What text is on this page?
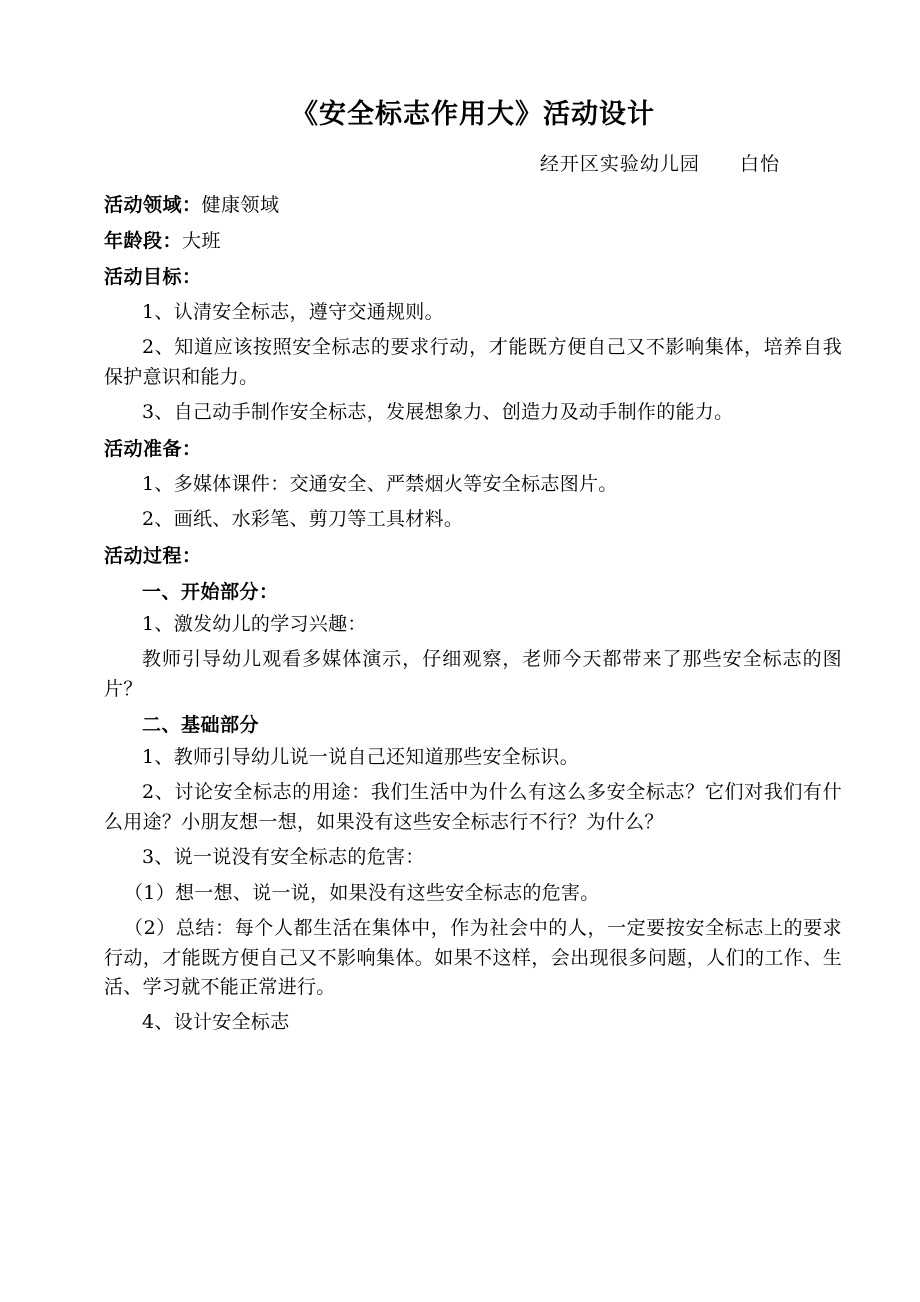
《安全标志作用大》活动设计
经开区实验幼儿园 白怡

活动领域：健康领域

年龄段：大班

活动目标：

1、认清安全标志，遵守交通规则。

2、知道应该按照安全标志的要求行动，才能既方便自己又不影响集体，培养自我保护意识和能力。

3、自己动手制作安全标志，发展想象力、创造力及动手制作的能力。

活动准备：

1、多媒体课件：交通安全、严禁烟火等安全标志图片。

2、画纸、水彩笔、剪刀等工具材料。

活动过程：

一、开始部分：

1、激发幼儿的学习兴趣：

教师引导幼儿观看多媒体演示，仔细观察，老师今天都带来了那些安全标志的图片？

二、基础部分

1、教师引导幼儿说一说自己还知道那些安全标识。

2、讨论安全标志的用途：我们生活中为什么有这么多安全标志？它们对我们有什么用途？小朋友想一想，如果没有这些安全标志行不行？为什么？

3、说一说没有安全标志的危害：

（1）想一想、说一说，如果没有这些安全标志的危害。

（2）总结：每个人都生活在集体中，作为社会中的人，一定要按安全标志上的要求行动，才能既方便自己又不影响集体。如果不这样，会出现很多问题，人们的工作、生活、学习就不能正常进行。

4、设计安全标志
